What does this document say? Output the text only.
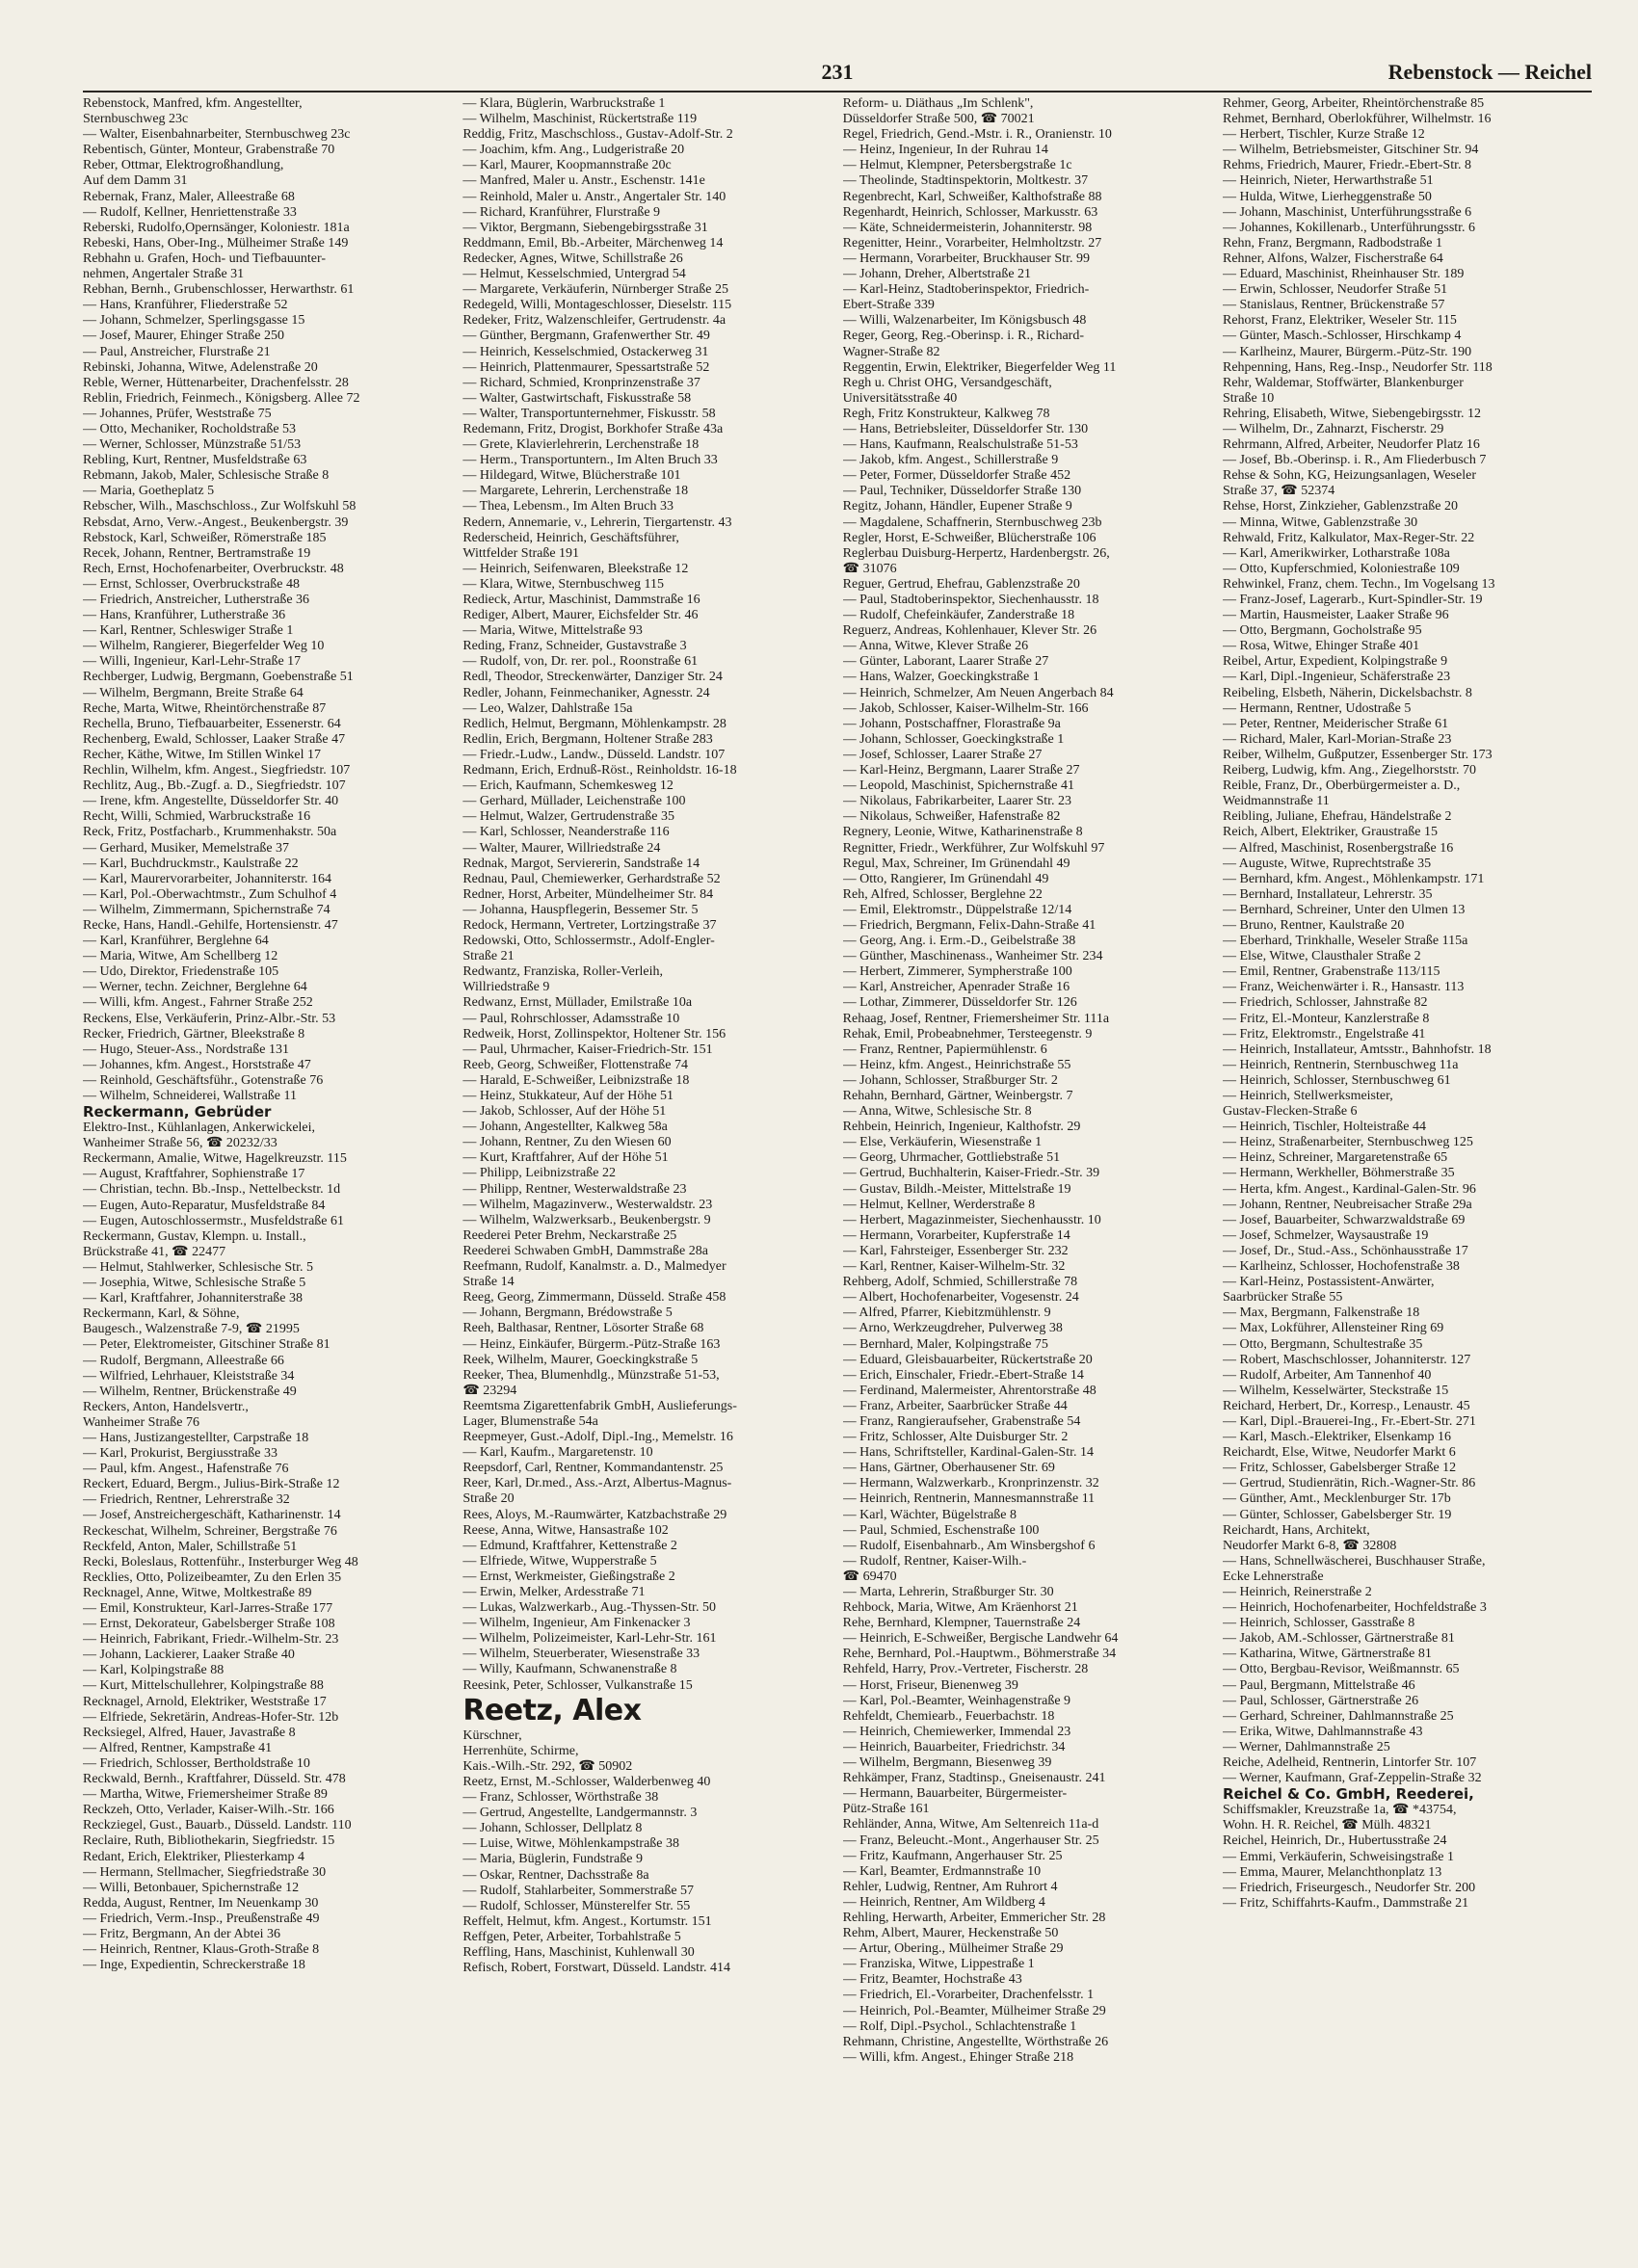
231	Rebenstock — Reichel
Rebenstock, Manfred, kfm. Angestellter,
Sternbuschweg 23c
— Walter, Eisenbahnarbeiter, Sternbuschweg 23c
Rebentisch, Günter, Monteur, Grabenstraße 70
Reber, Ottmar, Elektrogroßhandlung,
Auf dem Damm 31
Rebernak, Franz, Maler, Alleestraße 68
— Rudolf, Kellner, Henriettenstraße 33
Reberski, Rudolfo,Opernsänger, Koloniestr. 181a
Rebeski, Hans, Ober-Ing., Mülheimer Straße 149
Rebhahn u. Grafen, Hoch- und Tiefbauunter-
nehmen, Angertaler Straße 31
Rebhan, Bernh., Grubenschlosser, Herwarthstr. 61
— Hans, Kranführer, Fliederstraße 52
— Johann, Schmelzer, Sperlingsgasse 15
— Josef, Maurer, Ehinger Straße 250
— Paul, Anstreicher, Flurstraße 21
Rebinski, Johanna, Witwe, Adelenstraße 20
Reble, Werner, Hüttenarbeiter, Drachenfelsstr. 28
Reblin, Friedrich, Feinmech., Königsberg. Allee 72
— Johannes, Prüfer, Weststraße 75
— Otto, Mechaniker, Rocholdstraße 53
— Werner, Schlosser, Münzstraße 51/53
Rebling, Kurt, Rentner, Musfeldstraße 63
Rebmann, Jakob, Maler, Schlesische Straße 8
— Maria, Goetheplatz 5
Rebscher, Wilh., Maschschloss., Zur Wolfskuhl 58
Rebsdat, Arno, Verw.-Angest., Beukenbergstr. 39
Rebstock, Karl, Schweißer, Römerstraße 185
Recek, Johann, Rentner, Bertramstraße 19
Rech, Ernst, Hochofenarbeiter, Overbruckstr. 48
— Ernst, Schlosser, Overbruckstraße 48
— Friedrich, Anstreicher, Lutherstraße 36
— Hans, Kranführer, Lutherstraße 36
— Karl, Rentner, Schleswiger Straße 1
— Wilhelm, Rangierer, Biegerfelder Weg 10
— Willi, Ingenieur, Karl-Lehr-Straße 17
Rechberger, Ludwig, Bergmann, Goebenstraße 51
— Wilhelm, Bergmann, Breite Straße 64
Reche, Marta, Witwe, Rheintörchenstraße 87
Rechella, Bruno, Tiefbauarbeiter, Essenerstr. 64
Rechenberg, Ewald, Schlosser, Laaker Straße 47
Recher, Käthe, Witwe, Im Stillen Winkel 17
Rechlin, Wilhelm, kfm. Angest., Siegfriedstr. 107
Rechlitz, Aug., Bb.-Zugf. a. D., Siegfriedstr. 107
— Irene, kfm. Angestellte, Düsseldorfer Str. 40
Recht, Willi, Schmied, Warbruckstraße 16
Reck, Fritz, Postfacharb., Krummenhakstr. 50a
— Gerhard, Musiker, Memelstraße 37
— Karl, Buchdruckmstr., Kaulstraße 22
— Karl, Maurervorarbeiter, Johanniterstr. 164
— Karl, Pol.-Oberwachtmstr., Zum Schulhof 4
— Wilhelm, Zimmermann, Spichernstraße 74
Recke, Hans, Handl.-Gehilfe, Hortensienstr. 47
— Karl, Kranführer, Berglehne 64
— Maria, Witwe, Am Schellberg 12
— Udo, Direktor, Friedenstraße 105
— Werner, techn. Zeichner, Berglehne 64
— Willi, kfm. Angest., Fahrner Straße 252
Reckens, Else, Verkäuferin, Prinz-Albr.-Str. 53
Recker, Friedrich, Gärtner, Bleekstraße 8
— Hugo, Steuer-Ass., Nordstraße 131
— Johannes, kfm. Angest., Horststraße 47
— Reinhold, Geschäftsführ., Gotenstraße 76
— Wilhelm, Schneiderei, Wallstraße 11
Reckermann, Gebrüder
Elektro-Inst., Kühlanlagen, Ankerwickelei,
Wanheimer Straße 56, ☎ 20232/33
Reckermann, Amalie, Witwe, Hagelkreuzstr. 115
— August, Kraftfahrer, Sophienstraße 17
— Christian, techn. Bb.-Insp., Nettelbeckstr. 1d
— Eugen, Auto-Reparatur, Musfeldstraße 84
— Eugen, Autoschlossermstr., Musfeldstraße 61
Reckermann, Gustav, Klempn. u. Install.,
Brückstraße 41, ☎ 22477
— Helmut, Stahlwerker, Schlesische Str. 5
— Josephia, Witwe, Schlesische Straße 5
— Karl, Kraftfahrer, Johanniterstraße 38
Reckermann, Karl, & Söhne,
Baugesch., Walzenstraße 7-9, ☎ 21995
— Peter, Elektromeister, Gitschiner Straße 81
— Rudolf, Bergmann, Alleestraße 66
— Wilfried, Lehrhauer, Kleiststraße 34
— Wilhelm, Rentner, Brückenstraße 49
Reckers, Anton, Handelsvertr.,
Wanheimer Straße 76
— Hans, Justizangestellter, Carpstraße 18
— Karl, Prokurist, Bergiusstraße 33
— Paul, kfm. Angest., Hafenstraße 76
Reckert, Eduard, Bergm., Julius-Birk-Straße 12
— Friedrich, Rentner, Lehrerstraße 32
— Josef, Anstreichergeschäft, Katharinenstr. 14
Reckeschat, Wilhelm, Schreiner, Bergstraße 76
Reckfeld, Anton, Maler, Schillstraße 51
Recki, Boleslaus, Rottenführ., Insterburger Weg 48
Recklies, Otto, Polizeibeamter, Zu den Erlen 35
Recknagel, Anne, Witwe, Moltkestraße 89
— Emil, Konstrukteur, Karl-Jarres-Straße 177
— Ernst, Dekorateur, Gabelsberger Straße 108
— Heinrich, Fabrikant, Friedr.-Wilhelm-Str. 23
— Johann, Lackierer, Laaker Straße 40
— Karl, Kolpingstraße 88
— Kurt, Mittelschullehrer, Kolpingstraße 88
Recknagel, Arnold, Elektriker, Weststraße 17
— Elfriede, Sekretärin, Andreas-Hofer-Str. 12b
Recksiegel, Alfred, Hauer, Javastraße 8
— Alfred, Rentner, Kampstraße 41
— Friedrich, Schlosser, Bertholdstraße 10
Reckwald, Bernh., Kraftfahrer, Düsseld. Str. 478
— Martha, Witwe, Friemersheimer Straße 89
Reckzeh, Otto, Verlader, Kaiser-Wilh.-Str. 166
Reckziegel, Gust., Bauarb., Düsseld. Landstr. 110
Reclaire, Ruth, Bibliothekarin, Siegfriedstr. 15
Redant, Erich, Elektriker, Pliesterkamp 4
— Hermann, Stellmacher, Siegfriedstraße 30
— Willi, Betonbauer, Spichernstraße 12
Redda, August, Rentner, Im Neuenkamp 30
— Friedrich, Verm.-Insp., Preußenstraße 49
— Fritz, Bergmann, An der Abtei 36
— Heinrich, Rentner, Klaus-Groth-Straße 8
— Inge, Expedientin, Schreckerstraße 18
— Klara, Büglerin, Warbruckstraße 1
— Wilhelm, Maschinist, Rückertstraße 119
Reddig, Fritz, Maschschloss., Gustav-Adolf-Str. 2
— Joachim, kfm. Ang., Ludgeristraße 20
— Karl, Maurer, Koopmannstraße 20c
— Manfred, Maler u. Anstr., Eschenstr. 141e
— Reinhold, Maler u. Anstr., Angertaler Str. 140
— Richard, Kranführer, Flurstraße 9
— Viktor, Bergmann, Siebengebirgsstraße 31
Reddmann, Emil, Bb.-Arbeiter, Märchenweg 14
Redecker, Agnes, Witwe, Schillstraße 26
— Helmut, Kesselschmied, Untergrad 54
— Margarete, Verkäuferin, Nürnberger Straße 25
Redegeld, Willi, Montageschlosser, Dieselstr. 115
Redeker, Fritz, Walzenschleifer, Gertrudenstr. 4a
— Günther, Bergmann, Grafenwerther Str. 49
— Heinrich, Kesselschmied, Ostackerweg 31
— Heinrich, Plattenmaurer, Spessartstraße 52
— Richard, Schmied, Kronprinzenstraße 37
— Walter, Gastwirtschaft, Fiskusstraße 58
— Walter, Transportunternehmer, Fiskusstr. 58
Redemann, Fritz, Drogist, Borkhofer Straße 43a
— Grete, Klavierlehrerin, Lerchenstraße 18
— Herm., Transportuntern., Im Alten Bruch 33
— Hildegard, Witwe, Blücherstraße 101
— Margarete, Lehrerin, Lerchenstraße 18
— Thea, Lebensm., Im Alten Bruch 33
Redern, Annemarie, v., Lehrerin, Tiergartenstr. 43
Rederscheid, Heinrich, Geschäftsführer,
Wittfelder Straße 191
— Heinrich, Seifenwaren, Bleekstraße 12
— Klara, Witwe, Sternbuschweg 115
Redieck, Artur, Maschinist, Dammstraße 16
Rediger, Albert, Maurer, Eichsfelder Str. 46
— Maria, Witwe, Mittelstraße 93
Reding, Franz, Schneider, Gustavstraße 3
— Rudolf, von, Dr. rer. pol., Roonstraße 61
Redl, Theodor, Streckenwärter, Danziger Str. 24
Redler, Johann, Feinmechaniker, Agnesstr. 24
— Leo, Walzer, Dahlstraße 15a
Redlich, Helmut, Bergmann, Möhlenkampstr. 28
Redlin, Erich, Bergmann, Holtener Straße 283
— Friedr.-Ludw., Landw., Düsseld. Landstr. 107
Redmann, Erich, Erdnuß-Röst., Reinholdstr. 16-18
— Erich, Kaufmann, Schemkesweg 12
— Gerhard, Müllader, Leichenstraße 100
— Helmut, Walzer, Gertrudenstraße 35
— Karl, Schlosser, Neanderstraße 116
— Walter, Maurer, Willriedstraße 24
Rednak, Margot, Serviererin, Sandstraße 14
Rednau, Paul, Chemiewerker, Gerhardstraße 52
Redner, Horst, Arbeiter, Mündelheimer Str. 84
— Johanna, Hauspflegerin, Bessemer Str. 5
Redock, Hermann, Vertreter, Lortzingstraße 37
Redowski, Otto, Schlossermstr., Adolf-Engler-
Straße 21
Redwantz, Franziska, Roller-Verleih,
Willriedstraße 9
Redwanz, Ernst, Müllader, Emilstraße 10a
— Paul, Rohrschlosser, Adamsstraße 10
Redweik, Horst, Zollinspektor, Holtener Str. 156
— Paul, Uhrmacher, Kaiser-Friedrich-Str. 151
Reeb, Georg, Schweißer, Flottenstraße 74
— Harald, E-Schweißer, Leibnizstraße 18
— Heinz, Stukkateur, Auf der Höhe 51
— Jakob, Schlosser, Auf der Höhe 51
— Johann, Angestellter, Kalkweg 58a
— Johann, Rentner, Zu den Wiesen 60
— Kurt, Kraftfahrer, Auf der Höhe 51
— Philipp, Leibnizstraße 22
— Philipp, Rentner, Westerwaldstraße 23
— Wilhelm, Magazinverw., Westerwaldstr. 23
— Wilhelm, Walzwerksarb., Beukenbergstr. 9
Reederei Peter Brehm, Neckarstraße 25
Reederei Schwaben GmbH, Dammstraße 28a
Reefmann, Rudolf, Kanalmstr. a. D., Malmedyer
Straße 14
Reeg, Georg, Zimmermann, Düsseld. Straße 458
— Johann, Bergmann, Brédowstraße 5
Reeh, Balthasar, Rentner, Lösorter Straße 68
— Heinz, Einkäufer, Bürgerm.-Pütz-Straße 163
Reek, Wilhelm, Maurer, Goeckingkstraße 5
Reeker, Thea, Blumenhdlg., Münzstraße 51-53,
☎ 23294
Reemtsma Zigarettenfabrik GmbH, Auslieferungs-
Lager, Blumenstraße 54a
Reepmeyer, Gust.-Adolf, Dipl.-Ing., Memelstr. 16
— Karl, Kaufm., Margaretenstr. 10
Reepsdorf, Carl, Rentner, Kommandantenstr. 25
Reer, Karl, Dr.med., Ass.-Arzt, Albertus-Magnus-
Straße 20
Rees, Aloys, M.-Raumwärter, Katzbachstraße 29
Reese, Anna, Witwe, Hansastraße 102
— Edmund, Kraftfahrer, Kettenstraße 2
— Elfriede, Witwe, Wupperstraße 5
— Ernst, Werkmeister, Gießingstraße 2
— Erwin, Melker, Ardesstraße 71
— Lukas, Walzwerkarb., Aug.-Thyssen-Str. 50
— Wilhelm, Ingenieur, Am Finkenacker 3
— Wilhelm, Polizeimeister, Karl-Lehr-Str. 161
— Wilhelm, Steuerberater, Wiesenstraße 33
— Willy, Kaufmann, Schwanenstraße 8
Reesink, Peter, Schlosser, Vulkanstraße 15
Reetz, Alex
Kürschner,
Herrenhüte, Schirme,
Kais.-Wilh.-Str. 292, ☎ 50902
Reetz, Ernst, M.-Schlosser, Walderbenweg 40
— Franz, Schlosser, Wörthstraße 38
— Gertrud, Angestellte, Landgermannstr. 3
— Johann, Schlosser, Dellplatz 8
— Luise, Witwe, Möhlenkampstraße 38
— Maria, Büglerin, Fundstraße 9
— Oskar, Rentner, Dachsstraße 8a
— Rudolf, Stahlarbeiter, Sommerstraße 57
— Rudolf, Schlosser, Münsterelfer Str. 55
Reffelt, Helmut, kfm. Angest., Kortumstr. 151
Reffgen, Peter, Arbeiter, Torbahlstraße 5
Reffling, Hans, Maschinist, Kuhlenwall 30
Refisch, Robert, Forstwart, Düsseld. Landstr. 414
Reform- u. Diäthaus „Im Schlenk",
Düsseldorfer Straße 500, ☎ 70021
Regel, Friedrich, Gend.-Mstr. i. R., Oranienstr. 10
— Heinz, Ingenieur, In der Ruhrau 14
— Helmut, Klempner, Petersbergstraße 1c
— Theolinde, Stadtinspektorin, Moltkestr. 37
Regenbrecht, Karl, Schweißer, Kalthofstraße 88
Regenhardt, Heinrich, Schlosser, Markusstr. 63
— Käte, Schneidermeisterin, Johanniterstr. 98
Regenitter, Heinr., Vorarbeiter, Helmholtzstr. 27
— Hermann, Vorarbeiter, Bruckhauser Str. 99
— Johann, Dreher, Albertstraße 21
— Karl-Heinz, Stadtoberinspektor, Friedrich-
Ebert-Straße 339
— Willi, Walzenarbeiter, Im Königsbusch 48
Reger, Georg, Reg.-Oberinsp. i. R., Richard-
Wagner-Straße 82
Reggentin, Erwin, Elektriker, Biegerfelder Weg 11
Regh u. Christ OHG, Versandgeschäft,
Universitätsstraße 40
Regh, Fritz Konstrukteur, Kalkweg 78
— Hans, Betriebsleiter, Düsseldorfer Str. 130
— Hans, Kaufmann, Realschulstraße 51-53
— Jakob, kfm. Angest., Schillerstraße 9
— Peter, Former, Düsseldorfer Straße 452
— Paul, Techniker, Düsseldorfer Straße 130
Regitz, Johann, Händler, Eupener Straße 9
— Magdalene, Schaffnerin, Sternbuschweg 23b
Regler, Horst, E-Schweißer, Blücherstraße 106
Reglerbau Duisburg-Herpertz, Hardenbergstr. 26,
☎ 31076
Reguer, Gertrud, Ehefrau, Gablenzstraße 20
— Paul, Stadtoberinspektor, Siechenhausstr. 18
— Rudolf, Chefeinkäufer, Zanderstraße 18
Reguerz, Andreas, Kohlenhauer, Klever Str. 26
— Anna, Witwe, Klever Straße 26
— Günter, Laborant, Laarer Straße 27
— Hans, Walzer, Goeckingkstraße 1
— Heinrich, Schmelzer, Am Neuen Angerbach 84
— Jakob, Schlosser, Kaiser-Wilhelm-Str. 166
— Johann, Postschaffner, Florastraße 9a
— Johann, Schlosser, Goeckingkstraße 1
— Josef, Schlosser, Laarer Straße 27
— Karl-Heinz, Bergmann, Laarer Straße 27
— Leopold, Maschinist, Spichernstraße 41
— Nikolaus, Fabrikarbeiter, Laarer Str. 23
— Nikolaus, Schweißer, Hafenstraße 82
Regnery, Leonie, Witwe, Katharinenstraße 8
Regnitter, Friedr., Werkführer, Zur Wolfskuhl 97
Regul, Max, Schreiner, Im Grünendahl 49
— Otto, Rangierer, Im Grünendahl 49
Reh, Alfred, Schlosser, Berglehne 22
— Emil, Elektromstr., Düppelstraße 12/14
— Friedrich, Bergmann, Felix-Dahn-Straße 41
— Georg, Ang. i. Erm.-D., Geibelstraße 38
— Günther, Maschinenass., Wanheimer Str. 234
— Herbert, Zimmerer, Sympherstraße 100
— Karl, Anstreicher, Apenrader Straße 16
— Lothar, Zimmerer, Düsseldorfer Str. 126
Rehaag, Josef, Rentner, Friemersheimer Str. 111a
Rehak, Emil, Probeabnehmer, Tersteegenstr. 9
— Franz, Rentner, Papiermühlenstr. 6
— Heinz, kfm. Angest., Heinrichstraße 55
— Johann, Schlosser, Straßburger Str. 2
Rehahn, Bernhard, Gärtner, Weinbergstr. 7
— Anna, Witwe, Schlesische Str. 8
Rehbein, Heinrich, Ingenieur, Kalthofstr. 29
— Else, Verkäuferin, Wiesenstraße 1
— Georg, Uhrmacher, Gottliebstraße 51
— Gertrud, Buchhalterin, Kaiser-Friedr.-Str. 39
— Gustav, Bildh.-Meister, Mittelstraße 19
— Helmut, Kellner, Werderstraße 8
— Herbert, Magazinmeister, Siechenhausstr. 10
— Hermann, Vorarbeiter, Kupferstraße 14
— Karl, Fahrsteiger, Essenberger Str. 232
— Karl, Rentner, Kaiser-Wilhelm-Str. 32
Rehberg, Adolf, Schmied, Schillerstraße 78
— Albert, Hochofenarbeiter, Vogesenstr. 24
— Alfred, Pfarrer, Kiebitzmühlenstr. 9
— Arno, Werkzeugdreher, Pulverweg 38
— Bernhard, Maler, Kolpingstraße 75
— Eduard, Gleisbauarbeiter, Rückertstraße 20
— Erich, Einschaler, Friedr.-Ebert-Straße 14
— Ferdinand, Malermeister, Ahrentorstraße 48
— Franz, Arbeiter, Saarbrücker Straße 44
— Franz, Rangieraufseher, Grabenstraße 54
— Fritz, Schlosser, Alte Duisburger Str. 2
— Hans, Schriftsteller, Kardinal-Galen-Str. 14
— Hans, Gärtner, Oberhausener Str. 69
— Hermann, Walzwerkarb., Kronprinzenstr. 32
— Heinrich, Rentnerin, Mannesmannstraße 11
— Karl, Wächter, Bügelstraße 8
— Paul, Schmied, Eschenstraße 100
— Rudolf, Eisenbahnarb., Am Winsbergshof 6
— Rudolf, Rentner, Kaiser-Wilh.-
☎ 69470
— Marta, Lehrerin, Straßburger Str. 30
Rehbock, Maria, Witwe, Am Kräenhorst 21
Rehe, Bernhard, Klempner, Tauernstraße 24
— Heinrich, E-Schweißer, Bergische Landwehr 64
Rehe, Bernhard, Pol.-Hauptwm., Böhmerstraße 34
Rehfeld, Harry, Prov.-Vertreter, Fischerstr. 28
— Horst, Friseur, Bienenweg 39
— Karl, Pol.-Beamter, Weinhagenstraße 9
Rehfeldt, Chemiearb., Feuerbachstr. 18
— Heinrich, Chemiewerker, Immendal 23
— Heinrich, Bauarbeiter, Friedrichstr. 34
— Wilhelm, Bergmann, Biesenweg 39
Rehkämper, Franz, Stadtinsp., Gneisenaustr. 241
— Hermann, Bauarbeiter, Bürgermeister-
Pütz-Straße 161
Rehländer, Anna, Witwe, Am Seltenreich 11a-d
— Franz, Beleucht.-Mont., Angerhauser Str. 25
— Fritz, Kaufmann, Angerhauser Str. 25
— Karl, Beamter, Erdmannstraße 10
Rehler, Ludwig, Rentner, Am Ruhrort 4
— Heinrich, Rentner, Am Wildberg 4
Rehling, Herwarth, Arbeiter, Emmericher Str. 28
Rehm, Albert, Maurer, Heckenstraße 50
— Artur, Obering., Mülheimer Straße 29
— Franziska, Witwe, Lippestraße 1
— Fritz, Beamter, Hochstraße 43
— Friedrich, El.-Vorarbeiter, Drachenfelsstr. 1
— Heinrich, Pol.-Beamter, Mülheimer Straße 29
— Rolf, Dipl.-Psychol., Schlachtenstraße 1
Rehmann, Christine, Angestellte, Wörthstraße 26
— Willi, kfm. Angest., Ehinger Straße 218
Rehmer, Georg, Arbeiter, Rheintörchenstraße 85
Rehmet, Bernhard, Oberlokführer, Wilhelmstr. 16
— Herbert, Tischler, Kurze Straße 12
— Wilhelm, Betriebsmeister, Gitschiner Str. 94
Rehms, Friedrich, Maurer, Friedr.-Ebert-Str. 8
— Heinrich, Nieter, Herwarthstraße 51
— Hulda, Witwe, Lierheggenstraße 50
— Johann, Maschinist, Unterführungsstraße 6
— Johannes, Kokillenarb., Unterführungsstr. 6
Rehn, Franz, Bergmann, Radbodstraße 1
Rehner, Alfons, Walzer, Fischerstraße 64
— Eduard, Maschinist, Rheinhauser Str. 189
— Erwin, Schlosser, Neudorfer Straße 51
— Stanislaus, Rentner, Brückenstraße 57
Rehorst, Franz, Elektriker, Weseler Str. 115
— Günter, Masch.-Schlosser, Hirschkamp 4
— Karlheinz, Maurer, Bürgerm.-Pütz-Str. 190
Rehpenning, Hans, Reg.-Insp., Neudorfer Str. 118
Rehr, Waldemar, Stoffwärter, Blankenburger
Straße 10
Rehring, Elisabeth, Witwe, Siebengebirgsstr. 12
— Wilhelm, Dr., Zahnarzt, Fischerstr. 29
Rehrmann, Alfred, Arbeiter, Neudorfer Platz 16
— Josef, Bb.-Oberinsp. i. R., Am Fliederbusch 7
Rehse & Sohn, KG, Heizungsanlagen, Weseler
Straße 37, ☎ 52374
Rehse, Horst, Zinkzieher, Gablenzstraße 20
— Minna, Witwe, Gablenzstraße 30
Rehwald, Fritz, Kalkulator, Max-Reger-Str. 22
— Karl, Amerikwirker, Lotharstraße 108a
— Otto, Kupferschmied, Koloniestraße 109
Rehwinkel, Franz, chem. Techn., Im Vogelsang 13
— Franz-Josef, Lagerarb., Kurt-Spindler-Str. 19
— Martin, Hausmeister, Laaker Straße 96
— Otto, Bergmann, Gocholstraße 95
— Rosa, Witwe, Ehinger Straße 401
Reibel, Artur, Expedient, Kolpingstraße 9
— Karl, Dipl.-Ingenieur, Schäferstraße 23
Reibeling, Elsbeth, Näherin, Dickelsbachstr. 8
— Hermann, Rentner, Udostraße 5
— Peter, Rentner, Meiderischer Straße 61
— Richard, Maler, Karl-Morian-Straße 23
Reiber, Wilhelm, Gußputzer, Essenberger Str. 173
Reiberg, Ludwig, kfm. Ang., Ziegelhorststr. 70
Reible, Franz, Dr., Oberbürgermeister a. D.,
Weidmannstraße 11
Reibling, Juliane, Ehefrau, Händelstraße 2
Reich, Albert, Elektriker, Graustraße 15
— Alfred, Maschinist, Rosenbergstraße 16
— Auguste, Witwe, Ruprechtstraße 35
— Bernhard, kfm. Angest., Möhlenkampstr. 171
— Bernhard, Installateur, Lehrerstr. 35
— Bernhard, Schreiner, Unter den Ulmen 13
— Bruno, Rentner, Kaulstraße 20
— Eberhard, Trinkhalle, Weseler Straße 115a
— Else, Witwe, Clausthaler Straße 2
— Emil, Rentner, Grabenstraße 113/115
— Franz, Weichenwärter i. R., Hansastr. 113
— Friedrich, Schlosser, Jahnstraße 82
— Fritz, El.-Monteur, Kanzlerstraße 8
— Fritz, Elektromstr., Engelstraße 41
— Heinrich, Installateur, Amtsstr., Bahnhofstr. 18
— Heinrich, Rentnerin, Sternbuschweg 11a
— Heinrich, Schlosser, Sternbuschweg 61
— Heinrich, Stellwerksmeister,
Gustav-Flecken-Straße 6
— Heinrich, Tischler, Holteistraße 44
— Heinz, Straßenarbeiter, Sternbuschweg 125
— Heinz, Schreiner, Margaretenstraße 65
— Hermann, Werkheller, Böhmerstraße 35
— Herta, kfm. Angest., Kardinal-Galen-Str. 96
— Johann, Rentner, Neubreisacher Straße 29a
— Josef, Bauarbeiter, Schwarzwaldstraße 69
— Josef, Schmelzer, Waysaustraße 19
— Josef, Dr., Stud.-Ass., Schönhausstraße 17
— Karlheinz, Schlosser, Hochofenstraße 38
— Karl-Heinz, Postassistent-Anwärter,
Saarbrücker Straße 55
— Max, Bergmann, Falkenstraße 18
— Max, Lokführer, Allensteiner Ring 69
— Otto, Bergmann, Schultestraße 35
— Robert, Maschschlosser, Johanniterstr. 127
— Rudolf, Arbeiter, Am Tannenhof 40
— Wilhelm, Kesselwärter, Steckstraße 15
Reichard, Herbert, Dr., Korresp., Lenaustr. 45
— Karl, Dipl.-Brauerei-Ing., Fr.-Ebert-Str. 271
— Karl, Masch.-Elektriker, Elsenkamp 16
Reichardt, Else, Witwe, Neudorfer Markt 6
— Fritz, Schlosser, Gabelsberger Straße 12
— Gertrud, Studienrätin, Rich.-Wagner-Str. 86
— Günther, Amt., Mecklenburger Str. 17b
— Günter, Schlosser, Gabelsberger Str. 19
Reichardt, Hans, Architekt,
Neudorfer Markt 6-8, ☎ 32808
— Hans, Schnellwäscherei, Buschhauser Straße,
Ecke Lehnerstraße
— Heinrich, Reinerstraße 2
— Heinrich, Hochofenarbeiter, Hochfeldstraße 3
— Heinrich, Schlosser, Gasstraße 8
— Jakob, AM.-Schlosser, Gärtnerstraße 81
— Katharina, Witwe, Gärtnerstraße 81
— Otto, Bergbau-Revisor, Weißmannstr. 65
— Paul, Bergmann, Mittelstraße 46
— Paul, Schlosser, Gärtnerstraße 26
— Gerhard, Schreiner, Dahlmannstraße 25
— Erika, Witwe, Dahlmannstraße 43
— Werner, Dahlmannstraße 25
Reiche, Adelheid, Rentnerin, Lintorfer Str. 107
— Werner, Kaufmann, Graf-Zeppelin-Straße 32
Reichel & Co. GmbH, Reederei,
Schiffsmakler, Kreuzstraße 1a, ☎ *43754,
Wohn. H. R. Reichel, ☎ Mülh. 48321
Reichel, Heinrich, Dr., Hubertusstraße 24
— Emmi, Verkäuferin, Schweisingstraße 1
— Emma, Maurer, Melanchthonplatz 13
— Friedrich, Friseurgesch., Neudorfer Str. 200
— Fritz, Schiffahrts-Kaufm., Dammstraße 21
